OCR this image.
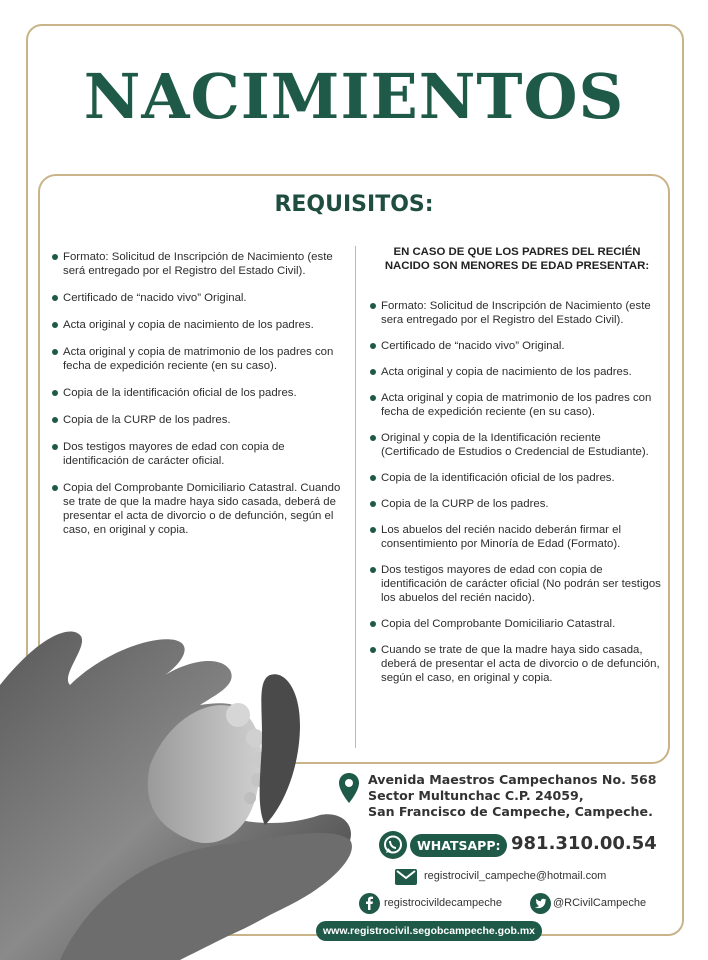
NACIMIENTOS
REQUISITOS:
Formato: Solicitud de Inscripción de Nacimiento (este será entregado por el Registro del Estado Civil).
Certificado de “nacido vivo” Original.
Acta original y copia de nacimiento de los padres.
Acta original y copia de matrimonio de los padres con fecha de expedición reciente (en su caso).
Copia de la identificación oficial de los padres.
Copia de la CURP de los padres.
Dos testigos mayores de edad con copia de identificación de carácter oficial.
Copia del Comprobante Domiciliario Catastral. Cuando se trate de que la madre haya sido casada, deberá de presentar el acta de divorcio o de defunción, según el caso, en original y copia.
EN CASO DE QUE LOS PADRES DEL RECIÉN NACIDO SON MENORES DE EDAD PRESENTAR:
Formato: Solicitud de Inscripción de Nacimiento (este sera entregado por el Registro del Estado Civil).
Certificado de “nacido vivo” Original.
Acta original y copia de nacimiento de los padres.
Acta original y copia de matrimonio de los padres con fecha de expedición reciente (en su caso).
Original y copia de la Identificación reciente (Certificado de Estudios o Credencial de Estudiante).
Copia de la identificación oficial de los padres.
Copia de la CURP de los padres.
Los abuelos del recién nacido deberán firmar el consentimiento por Minoría de Edad (Formato).
Dos testigos mayores de edad con copia de identificación de carácter oficial (No podrán ser testigos los abuelos del recién nacido).
Copia del Comprobante Domiciliario Catastral.
Cuando se trate de que la madre haya sido casada, deberá de presentar el acta de divorcio o de defunción, según el caso, en original y copia.
Avenida Maestros Campechanos No. 568
Sector Multunchac C.P. 24059,
San Francisco de Campeche, Campeche.
WHATSAPP: 981.310.00.54
registrocivil_campeche@hotmail.com
registrocivildecampeche	@RCivilCampeche
www.registrocivil.segobcampeche.gob.mx
